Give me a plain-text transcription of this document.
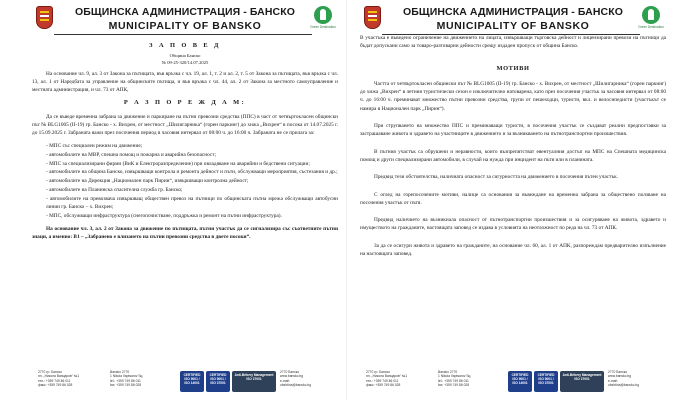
ОБЩИНСКА АДМИНИСТРАЦИЯ - БАНСКО
MUNICIPALITY OF BANSKO	Green Destination
З А П О В Е Д
Община Банско
№ 09-25-320/14.07.2025
На основание чл. 9, ал. 3 от Закона за пътищата, във връзка с чл. 19, ал. 1, т. 2 и ал. 2, т. 5 от Закона за пътищата, във връзка с чл. 13, ал. 1 от Наредбата за управление на общинските пътища, и във връзка с чл. 44, ал. 2 от Закона за местното самоуправление и местната администрация, и чл. 73 от АПК,
Р А З П О Р Е Ж Д А М:
Да се въведе временна забрана за движение и паркиране на пътни превозни средства (ППС) в част от четвъртокласен общински път № BLG1005 (II-19) гр. Банско - х. Вихрен, от местност „Шилигарника“ (горен паркинг) до хижа „Вихрен“ в посока от 14.07.2025 г. до 15.09.2025 г. Забраната важи през посочения период в часовия интервал от 08:00 ч. до 16:00 ч. Забраната не се прилага за:
- МПС със специален режим на движение;
- автомобилите на МВР, спешна помощ и пожарна и аварийна безопасност;
- МПС за специализирани фирми (ВиК и Електроразпределение) при овладяване на аварийни и бедствени ситуации;
- автомобилите на община Банско, извършващи контрола и ремонта дейност и пъти, обслужващи мероприятия, състезания и др.;
- автомобилите на Дирекция „Национален парк Пирин“, извършващи контролна дейност;
- автомобилите на Планинска спасителна служба гр. Банско;
- автомобилите на превозвача извършващ обществен превоз на пътници по общинската пътна мрежа обслужващи автобусни линии гр. Банско – х. Вихрен;
- МПС, обслужващи инфраструктура (снегопочистване, поддръжка и ремонт на пътни инфраструктура).
На основание чл. 3, ал. 2 от Закона за движение по пътищата, пътни участък да се сигнализира със съответните пътни знаци, а именно: В1 – „Забранено е влизането на пътни превозни средства в двете посоки“.
2770 гр. Банско
пл. „Никола Вапцаров“ №1
тел.: +359 749 86 011
факс: +359 749 86 028
Bansko 2770
1 Nikola Vaptsarov Sq.
tel.: +359 749 86 011
fax: +359 749 86 028
CERTIFIED ISO 9001 / ISO 14001
CERTIFIED ISO 9001 / ISO 37001
Anti-Bribery Management ISO 37001
2770 Банско
www.bansko.bg
e-mail:
obshtina@bansko.bg
ОБЩИНСКА АДМИНИСТРАЦИЯ - БАНСКО
MUNICIPALITY OF BANSKO	Green Destination
В участъка е въведено ограничение на движението на лицата, извършващи търговска дейност и лицензирани превози на пътници да бъдат допускани само за товаро-разтоварни дейности срещу издаден пропуск от община Банско.
МОТИВИ
Частта от четвъртокласен общински път № BLG1005 (II-19) гр. Банско - х. Вихрен, от местност „Шилигарника“ (горен паркинг) до хижа „Вихрен“ в летния туристически сезон е изключително натоварена, като през посочения участък за часовия интервал от 08:00 ч. до 16:00 ч. преминават множество пътни превозни средства, групи от пешеходци, туристи, вкл. и велосипедисти (участъкът се намира в Национален парк „Пирин“).
При струпването на множество ППС и преминаващи туристи, в посочения участък се създават реални предпоставки за застрашаване живота и здравето на участниците в движението и за възникването на пътнотранспортни произшествия.
В пътния участък са обрушени и неравности, които възпрепятстват евентуалния достъп на МПС на Спешната медицинска помощ и други специализирани автомобили, в случай на нужда при инцидент на пътя или в планината.
Предвид тези обстоятелства, наличната опасност за сигурността на движението в посочения пътен участък.
С оглед на горепосочените мотиви, налице са основания за въвеждане на временна забрана за обществено ползване на посочения участък от пътя.
Предвид наличието на възникнала опасност от пътнотранспортни произшествия и за осигуряване на живота, здравето и имуществото на гражданите, настоящата заповед се издава в условията на неотложност по реда на чл. 73 от АПК.
За да се осигури живота и здравето на гражданите, на основание чл. 60, ал. 1 от АПК, разпореждам предварително изпълнение на настоящата заповед.
2770 гр. Банско
пл. „Никола Вапцаров“ №1
тел.: +359 749 86 011
факс: +359 749 86 028
Bansko 2770
1 Nikola Vaptsarov Sq.
tel.: +359 749 86 011
fax: +359 749 86 028
CERTIFIED ISO 9001 / ISO 14001
CERTIFIED ISO 9001 / ISO 37001
Anti-Bribery Management ISO 37001
2770 Банско
www.bansko.bg
e-mail:
obshtina@bansko.bg
